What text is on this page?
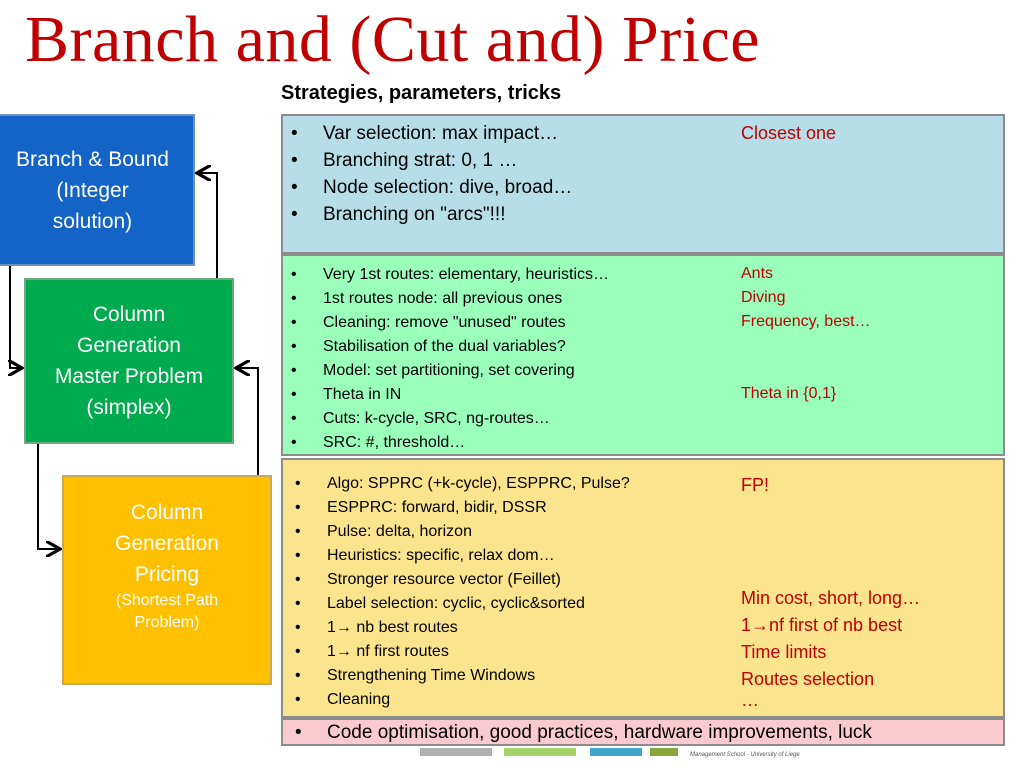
Branch and (Cut and) Price
Strategies, parameters, tricks
Branch & Bound
(Integer
solution)
Column
Generation
Master Problem
(simplex)
Column
Generation
Pricing
(Shortest Path
Problem)
• Var selection: max impact…
• Branching strat: 0, 1 …
• Node selection: dive, broad…
• Branching on "arcs"!!!
Closest one
• Very 1st routes: elementary, heuristics…
• 1st routes node: all previous ones
• Cleaning: remove "unused" routes
• Stabilisation of the dual variables?
• Model: set partitioning, set covering
• Theta in IN
• Cuts: k-cycle, SRC, ng-routes…
• SRC: #, threshold…
Ants
Diving
Frequency, best…
Theta in {0,1}
• Algo: SPPRC (+k-cycle), ESPPRC, Pulse?
• ESPPRC: forward, bidir, DSSR
• Pulse: delta, horizon
• Heuristics: specific, relax dom…
• Stronger resource vector (Feillet)
• Label selection: cyclic, cyclic&sorted
• 1→ nb best routes
• 1→ nf first routes
• Strengthening Time Windows
• Cleaning
FP!
Min cost, short, long…
1→nf first of nb best
Time limits
Routes selection
…
• Code optimisation, good practices, hardware improvements, luck
Management School - University of Liege
